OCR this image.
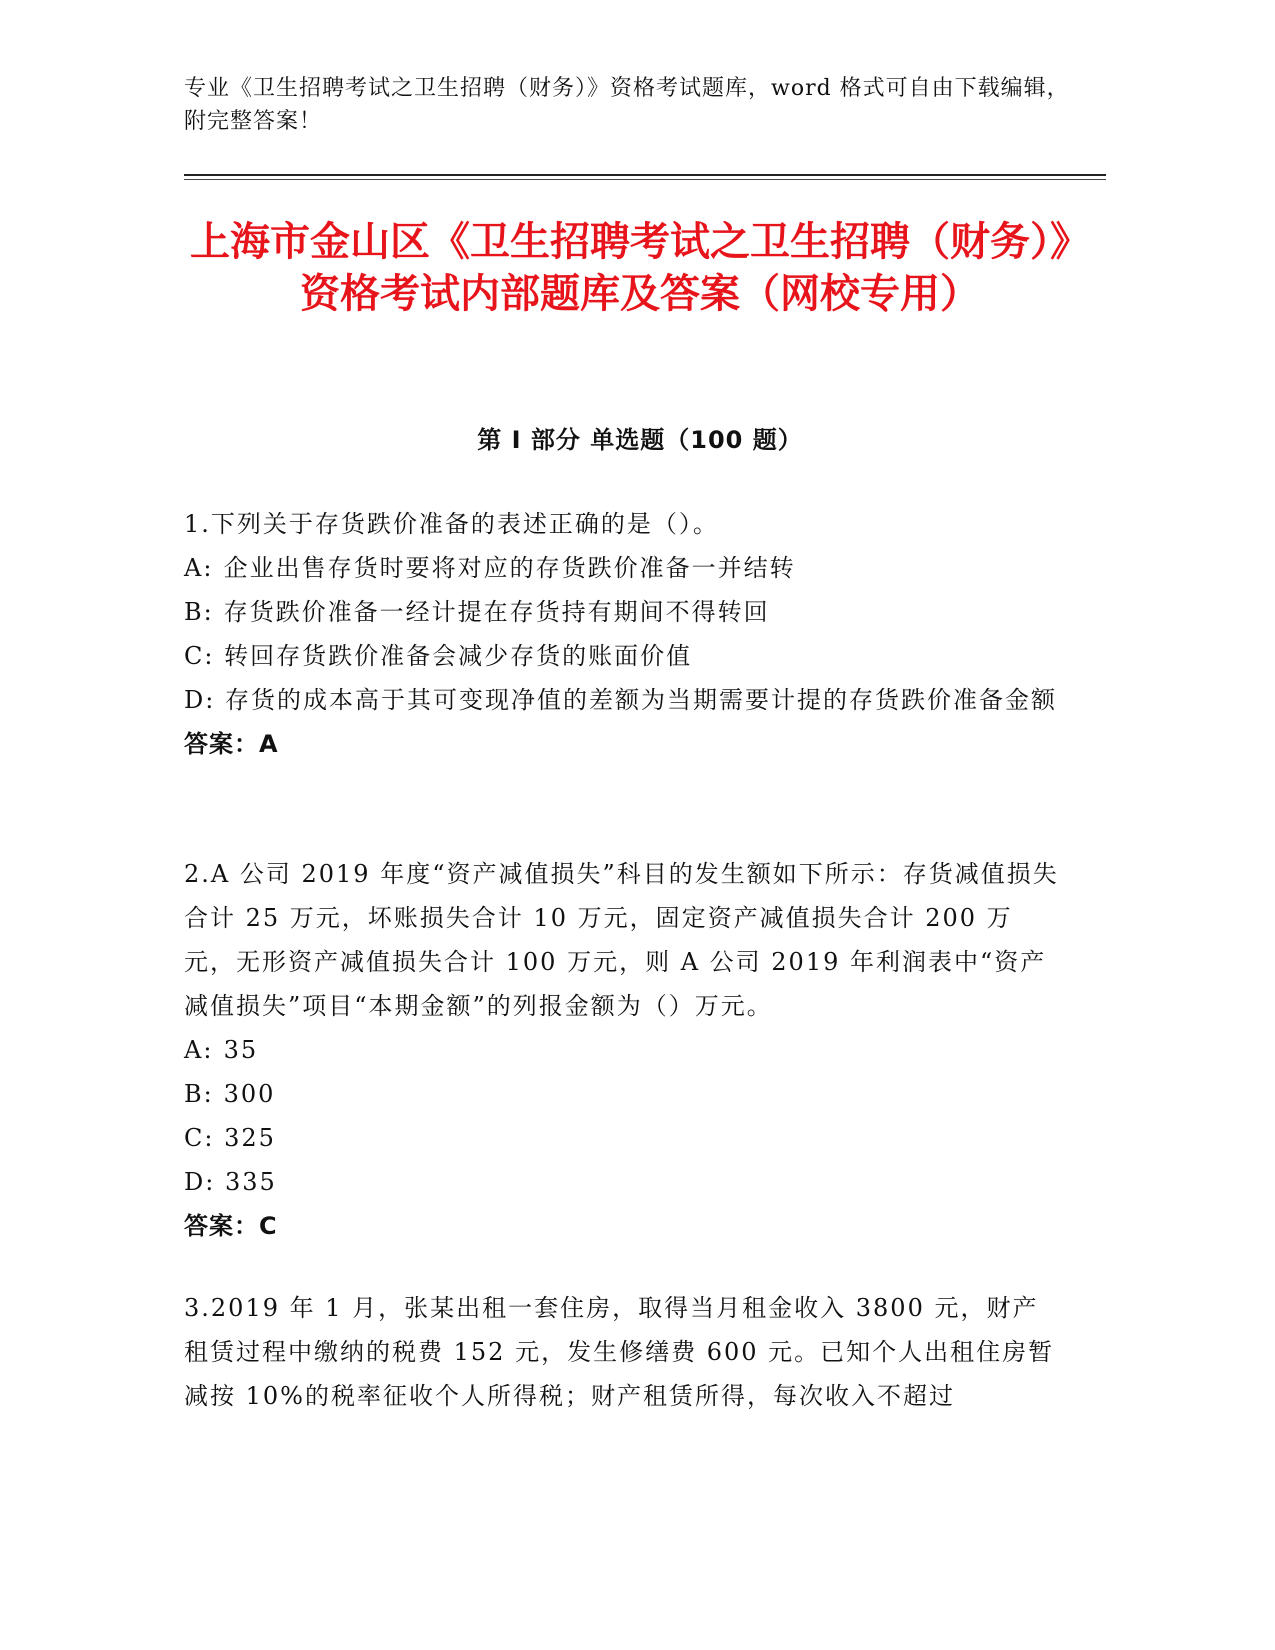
专业《卫生招聘考试之卫生招聘（财务）》资格考试题库，word 格式可自由下载编辑，附完整答案！
上海市金山区《卫生招聘考试之卫生招聘（财务）》资格考试内部题库及答案（网校专用）
第 I 部分 单选题（100 题）

1.下列关于存货跌价准备的表述正确的是（）。

A: 企业出售存货时要将对应的存货跌价准备一并结转

B: 存货跌价准备一经计提在存货持有期间不得转回

C: 转回存货跌价准备会减少存货的账面价值

D: 存货的成本高于其可变现净值的差额为当期需要计提的存货跌价准备金额

答案：A

2.A 公司 2019 年度“资产减值损失”科目的发生额如下所示：存货减值损失合计 25 万元，坏账损失合计 10 万元，固定资产减值损失合计 200 万元，无形资产减值损失合计 100 万元，则 A 公司 2019 年利润表中“资产减值损失”项目“本期金额”的列报金额为（）万元。

A: 35

B: 300

C: 325

D: 335

答案：C

3.2019 年 1 月，张某出租一套住房，取得当月租金收入 3800 元，财产租赁过程中缴纳的税费 152 元，发生修缮费 600 元。已知个人出租住房暂减按 10%的税率征收个人所得税；财产租赁所得，每次收入不超过
